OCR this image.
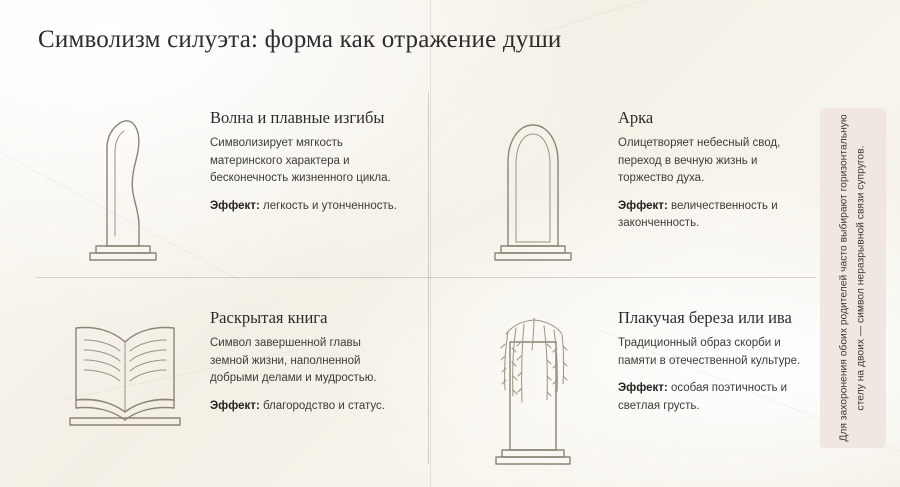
Символизм силуэта: форма как отражение души
Волна и плавные изгибы

Символизирует мягкость материнского характера и бесконечность жизненного цикла.

Эффект: легкость и утонченность.
Арка

Олицетворяет небесный свод, переход в вечную жизнь и торжество духа.

Эффект: величественность и законченность.
Раскрытая книга

Символ завершенной главы земной жизни, наполненной добрыми делами и мудростью.

Эффект: благородство и статус.
Плакучая береза или ива

Традиционный образ скорби и памяти в отечественной культуре.

Эффект: особая поэтичность и светлая грусть.	Для захоронения обоих родителей часто выбирают горизонтальную стелу на двоих — символ неразрывной связи супругов.
